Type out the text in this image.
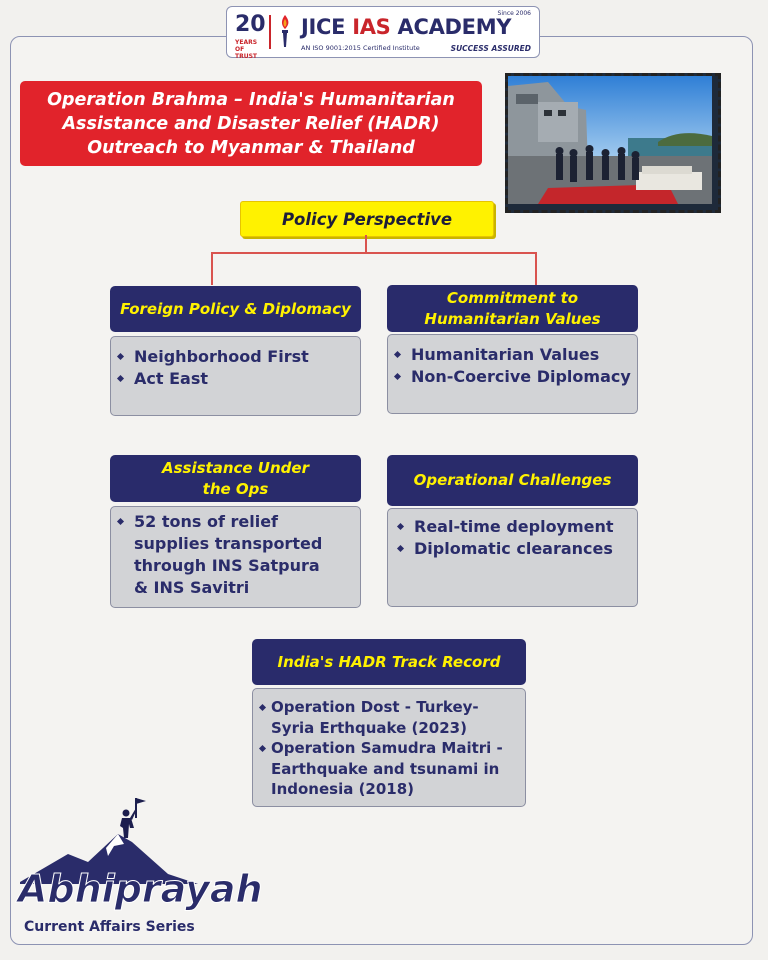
20
YEARS OF TRUST
Since 2006
JICE IAS ACADEMY
AN ISO 9001:2015 Certified Institute	SUCCESS ASSURED
Operation Brahma – India's Humanitarian Assistance and Disaster Relief (HADR) Outreach to Myanmar & Thailand
Policy Perspective
Foreign Policy & Diplomacy
Neighborhood First
Act East
Commitment to Humanitarian Values
Humanitarian Values
Non-Coercive Diplomacy
Assistance Under the Ops
52 tons of relief supplies transported through INS Satpura & INS Savitri
Operational Challenges
Real-time deployment
Diplomatic clearances
India's HADR Track Record
Operation Dost - Turkey-Syria Erthquake (2023)
Operation Samudra Maitri - Earthquake and tsunami in Indonesia (2018)
Abhiprayah
Current Affairs Series
